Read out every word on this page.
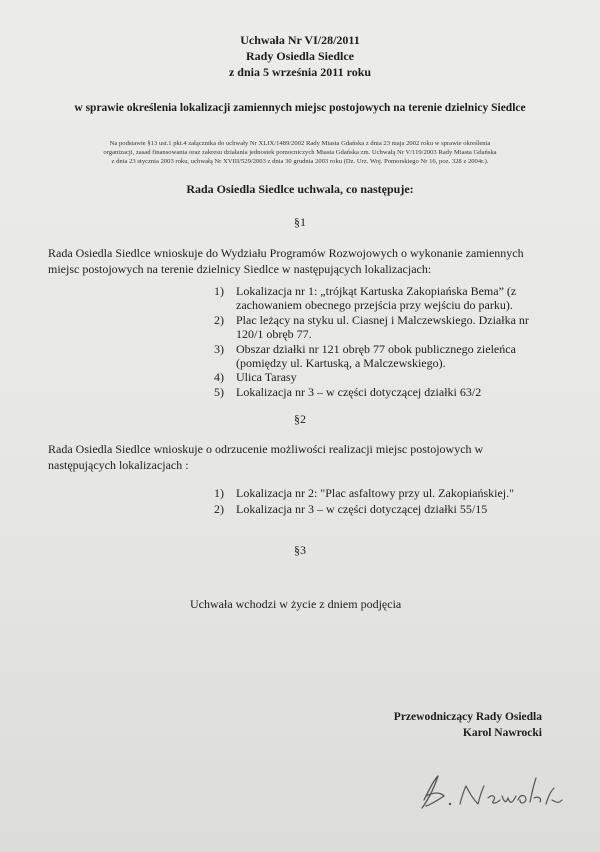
Uchwała Nr VI/28/2011
Rady Osiedla Siedlce
z dnia 5 września 2011 roku
w sprawie określenia lokalizacji zamiennych miejsc postojowych na terenie dzielnicy Siedlce
Na podstawie §13 ust.1 pkt.4 załącznika do uchwały Nr XLIX/1489/2002 Rady Miasta Gdańska z dnia 23 maja 2002 roku w sprawie określenia
organizacji, zasad finansowania oraz zakresu działania jednostek pomocniczych Miasta Gdańska zm. Uchwałą Nr V/119/2003 Rady Miasta Gdańska
z dnia 23 stycznia 2003 roku, uchwałą Nr XVIII/529/2003 z dnia 30 grudnia 2003 roku (Dz. Urz. Woj. Pomorskiego Nr 16, poz. 328 z 2004r.).
Rada Osiedla Siedlce uchwala, co następuje:
§1
Rada Osiedla Siedlce wnioskuje do Wydziału Programów Rozwojowych o wykonanie zamiennych
miejsc postojowych na terenie dzielnicy Siedlce w następujących lokalizacjach:
1) Lokalizacja nr 1: „trójkąt Kartuska Zakopiańska Bema” (z
zachowaniem obecnego przejścia przy wejściu do parku).
2) Plac leżący na styku ul. Ciasnej i Malczewskiego. Działka nr
120/1 obręb 77.
3) Obszar działki nr 121 obręb 77 obok publicznego zieleńca
(pomiędzy ul. Kartuską, a Malczewskiego).
4) Ulica Tarasy
5) Lokalizacja nr 3 – w części dotyczącej działki 63/2
§2
Rada Osiedla Siedlce wnioskuje o odrzucenie możliwości realizacji miejsc postojowych w
następujących lokalizacjach :
1) Lokalizacja nr 2: "Plac asfaltowy przy ul. Zakopiańskiej."
2) Lokalizacja nr 3 – w części dotyczącej działki 55/15
§3
Uchwała wchodzi w życie z dniem podjęcia
Przewodniczący Rady Osiedla
Karol Nawrocki
